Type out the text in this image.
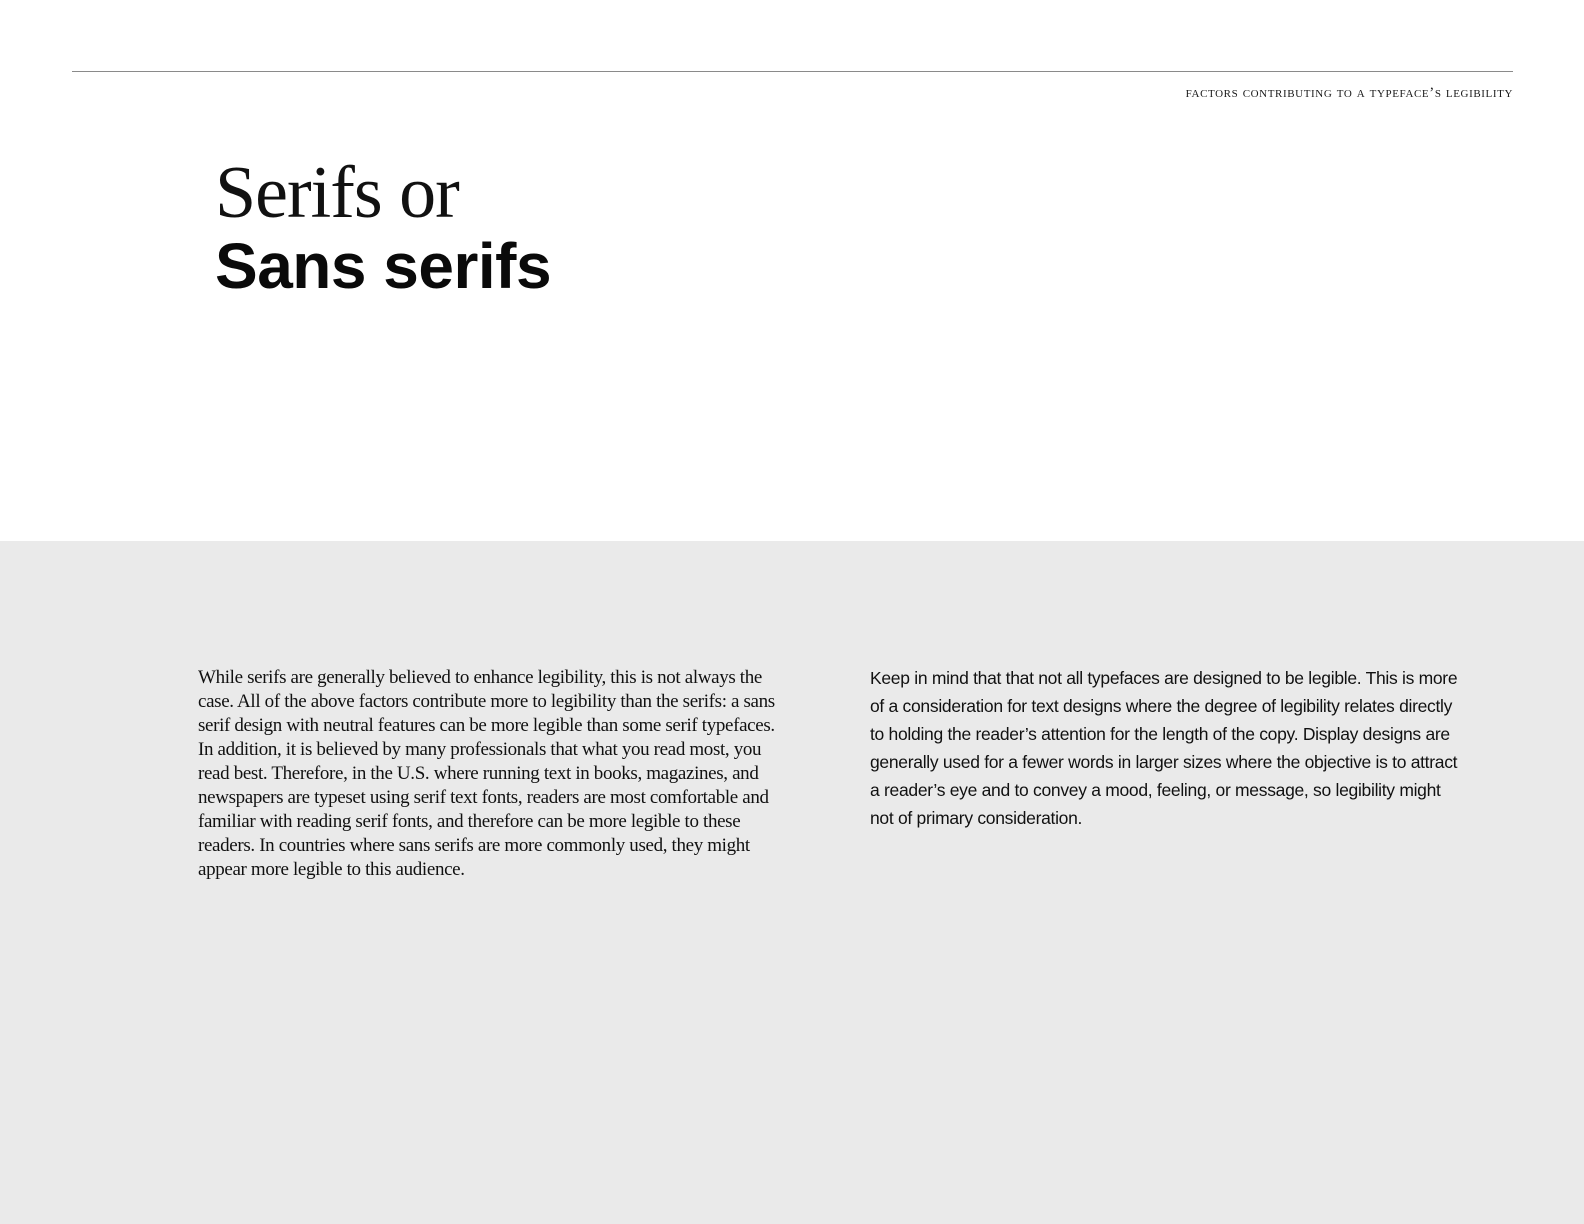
factors contributing to a typeface’s legibility
Serifs or
Sans serifs

While serifs are generally believed to enhance legibility, this is not always the case. All of the above factors contribute more to legibility than the serifs: a sans serif design with neutral features can be more legible than some serif typefaces. In addition, it is believed by many professionals that what you read most, you read best. Therefore, in the U.S. where running text in books, magazines, and newspapers are typeset using serif text fonts, readers are most comfortable and familiar with reading serif fonts, and therefore can be more legible to these readers. In countries where sans serifs are more commonly used, they might appear more legible to this audience.

Keep in mind that that not all typefaces are designed to be legible. This is more of a consideration for text designs where the degree of legibility relates directly to holding the reader’s attention for the length of the copy. Display designs are generally used for a fewer words in larger sizes where the objective is to attract a reader’s eye and to convey a mood, feeling, or message, so legibility might not of primary consideration.
